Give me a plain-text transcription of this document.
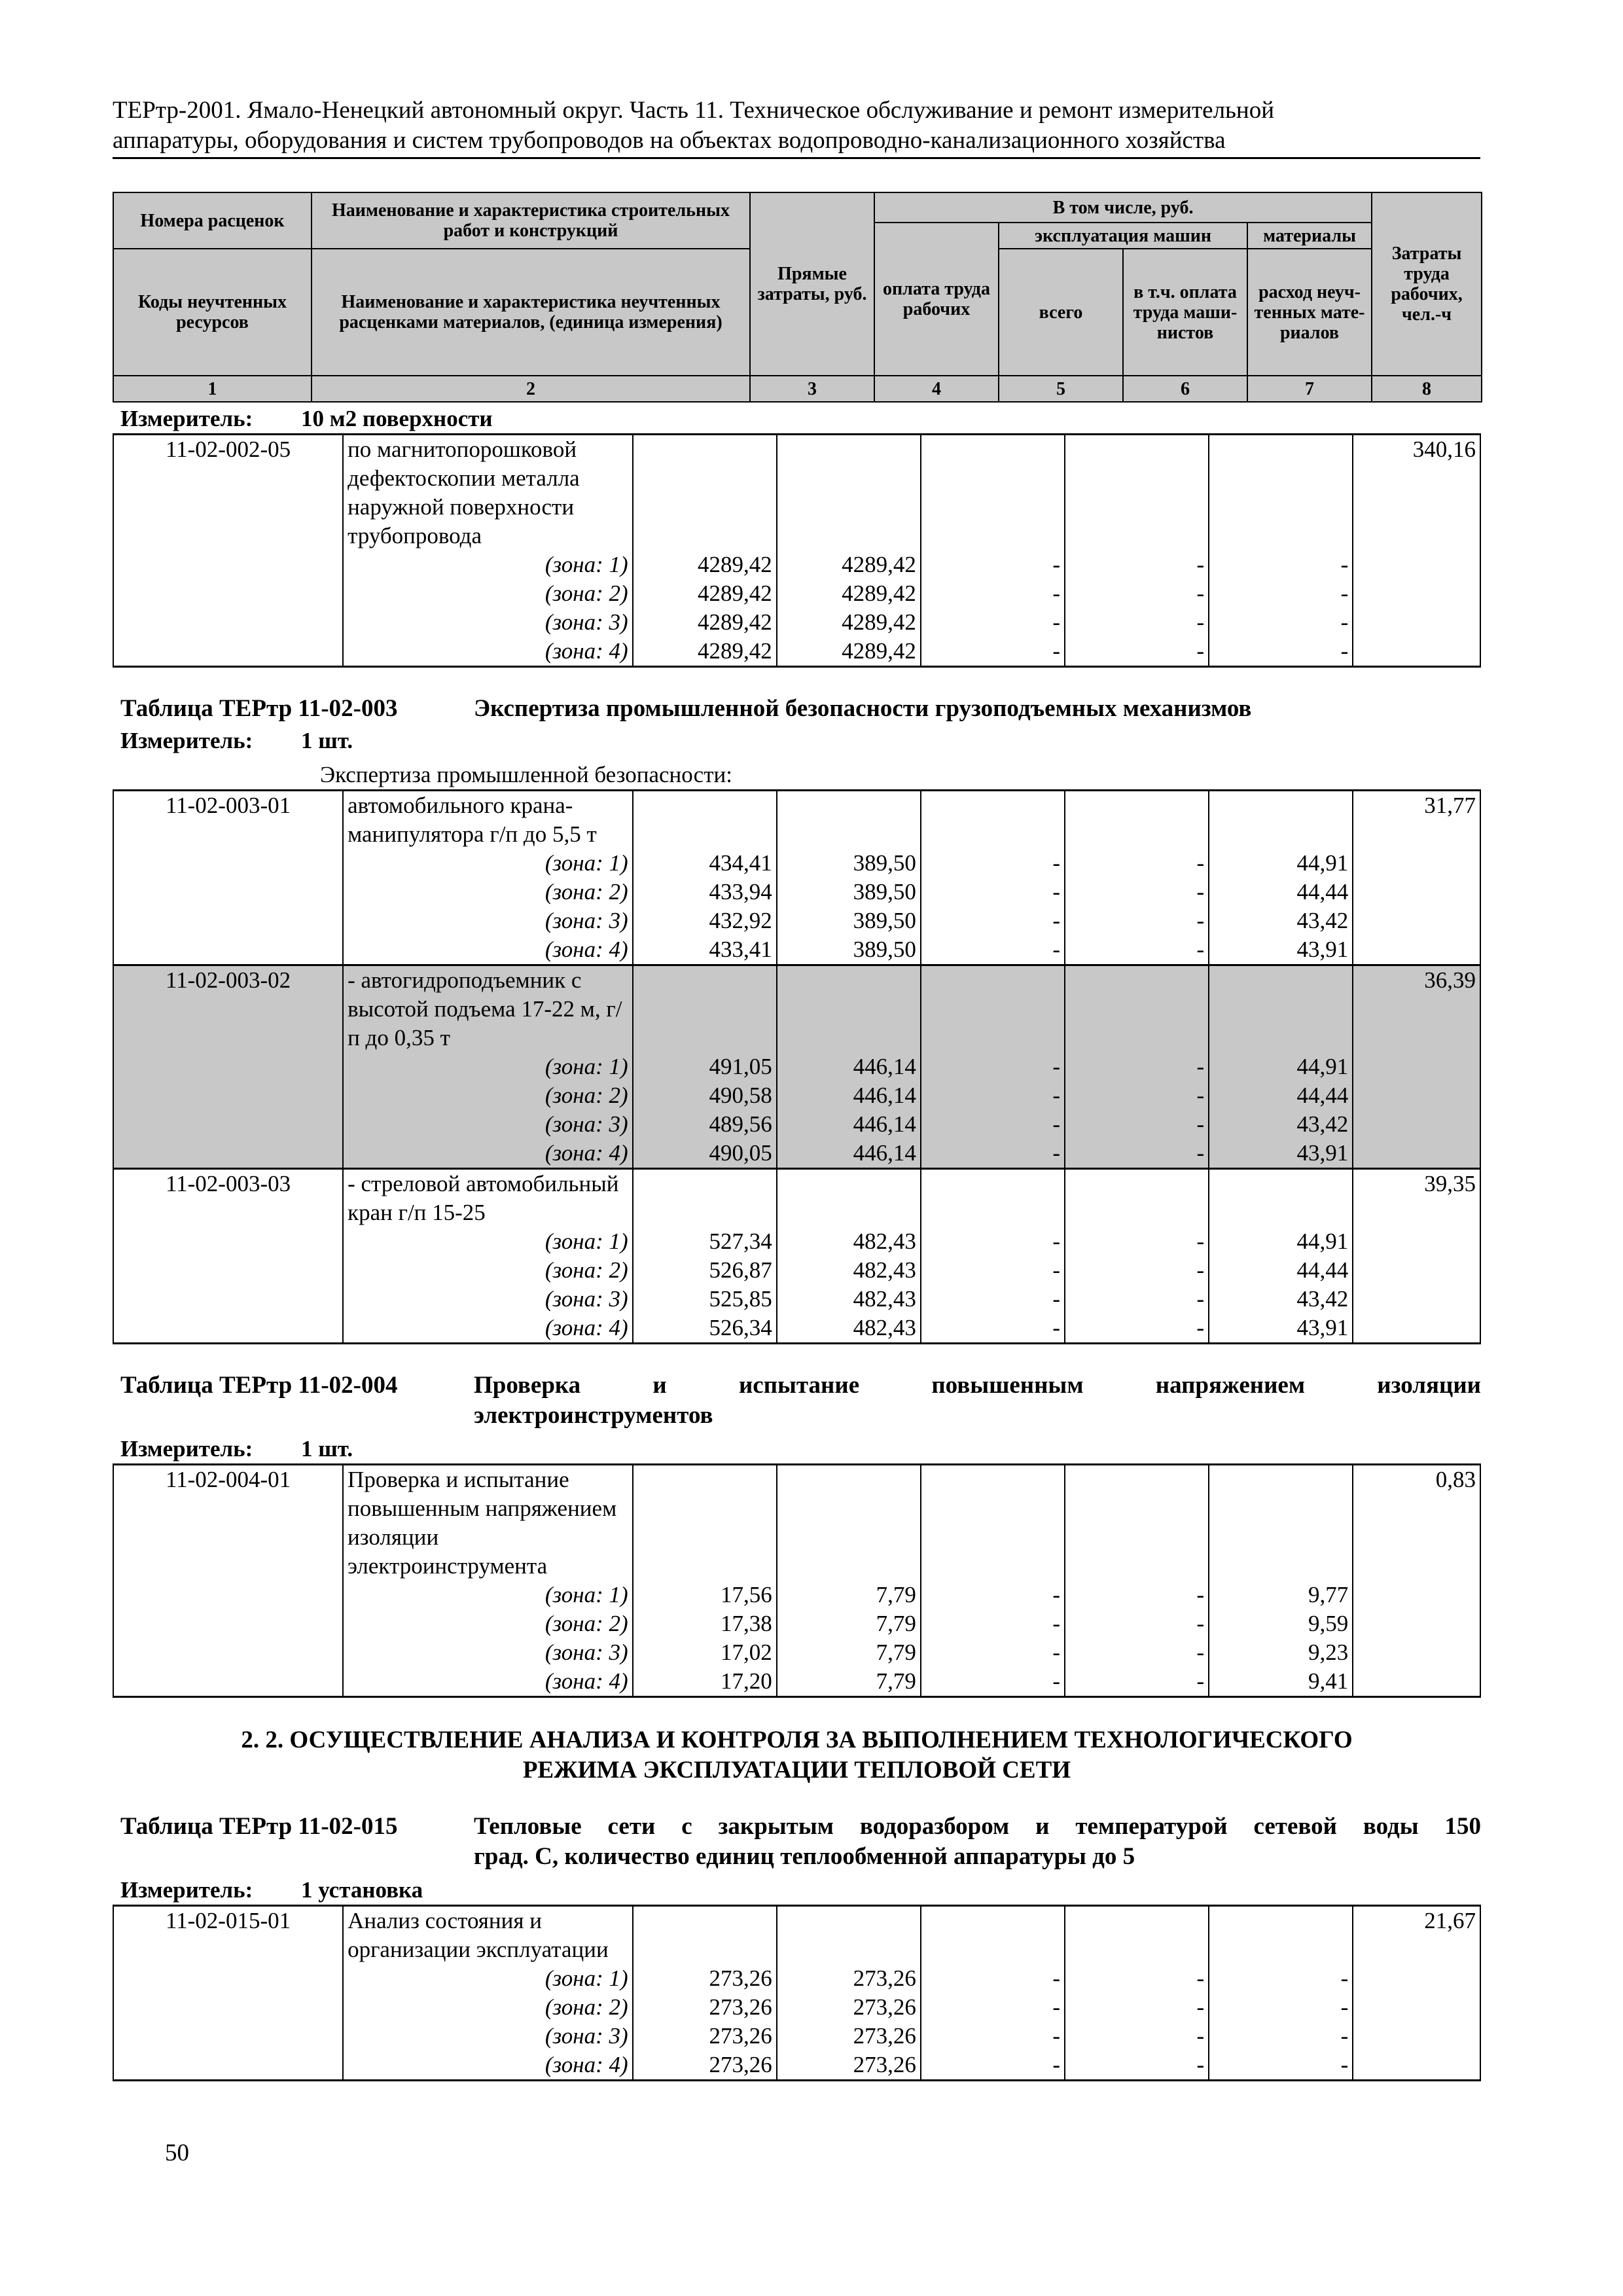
ТЕРтр-2001. Ямало-Ненецкий автономный округ. Часть 11. Техническое обслуживание и ремонт измерительной
аппаратуры, оборудования и систем трубопроводов на объектах водопроводно-канализационного хозяйства
Номера расценок	Наименование и характеристика строительных работ и конструкций	Прямые затраты, руб.	В том числе, руб.				Затраты труда рабочих, чел.-ч
			оплата труда рабочих	эксплуатация машин		материалы	
Коды неучтенных ресурсов	Наименование и характеристика неучтенных расценками материалов, (единица измерения)			всего	в т.ч. оплата труда маши- нистов	расход неуч- тенных мате- риалов	

1	2	3	4	5	6	7	8
Измеритель: 10 м2 поверхности
11-02-002-05	по магнитопорошковой дефектоскопии металла наружной поверхности трубопровода						340,16
	(зона: 1)	4289,42	4289,42	-	-	-	
	(зона: 2)	4289,42	4289,42	-	-	-	
	(зона: 3)	4289,42	4289,42	-	-	-	
	(зона: 4)	4289,42	4289,42	-	-	-	
Таблица ТЕРтр 11-02-003	Экспертиза промышленной безопасности грузоподъемных механизмов
Измеритель: 1 шт.
Экспертиза промышленной безопасности:
11-02-003-01	автомобильного крана-манипулятора г/п до 5,5 т						31,77
	(зона: 1)	434,41	389,50	-	-	44,91	
	(зона: 2)	433,94	389,50	-	-	44,44	
	(зона: 3)	432,92	389,50	-	-	43,42	
	(зона: 4)	433,41	389,50	-	-	43,91	
11-02-003-02	- автогидроподъемник с высотой подъема 17-22 м, г/п до 0,35 т						36,39
	(зона: 1)	491,05	446,14	-	-	44,91	
	(зона: 2)	490,58	446,14	-	-	44,44	
	(зона: 3)	489,56	446,14	-	-	43,42	
	(зона: 4)	490,05	446,14	-	-	43,91	
11-02-003-03	- стреловой автомобильный кран г/п 15-25						39,35
	(зона: 1)	527,34	482,43	-	-	44,91	
	(зона: 2)	526,87	482,43	-	-	44,44	
	(зона: 3)	525,85	482,43	-	-	43,42	
	(зона: 4)	526,34	482,43	-	-	43,91	
Таблица ТЕРтр 11-02-004	Проверка и испытание повышенным напряжением изоляции
электроинструментов
Измеритель: 1 шт.
11-02-004-01	Проверка и испытание повышенным напряжением изоляции электроинструмента						0,83
	(зона: 1)	17,56	7,79	-	-	9,77	
	(зона: 2)	17,38	7,79	-	-	9,59	
	(зона: 3)	17,02	7,79	-	-	9,23	
	(зона: 4)	17,20	7,79	-	-	9,41	
2. 2. ОСУЩЕСТВЛЕНИЕ АНАЛИЗА И КОНТРОЛЯ ЗА ВЫПОЛНЕНИЕМ ТЕХНОЛОГИЧЕСКОГО
РЕЖИМА ЭКСПЛУАТАЦИИ ТЕПЛОВОЙ СЕТИ
Таблица ТЕРтр 11-02-015	Тепловые сети с закрытым водоразбором и температурой сетевой воды 150
град. С, количество единиц теплообменной аппаратуры до 5
Измеритель: 1 установка
11-02-015-01	Анализ состояния и организации эксплуатации						21,67
	(зона: 1)	273,26	273,26	-	-	-	
	(зона: 2)	273,26	273,26	-	-	-	
	(зона: 3)	273,26	273,26	-	-	-	
	(зона: 4)	273,26	273,26	-	-	-	
50
